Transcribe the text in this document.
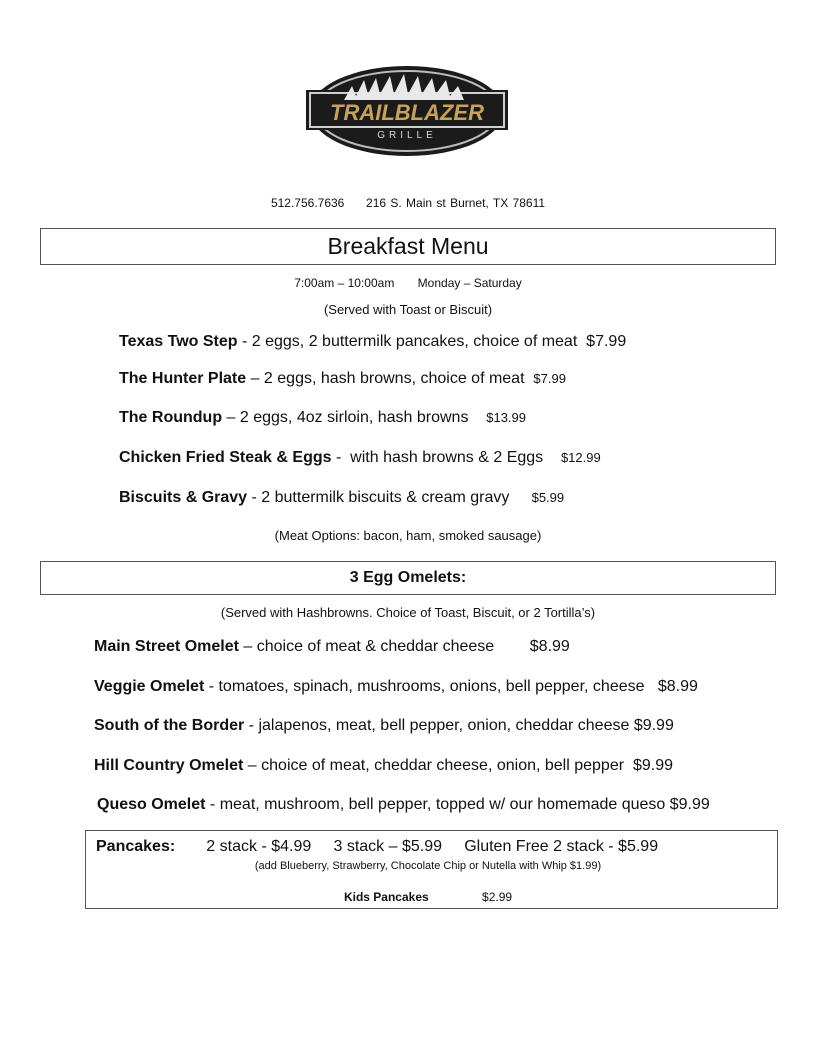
TRAILBLAZER
GRILLE
512.756.7636 216 S. Main st Burnet, TX 78611
Breakfast Menu
7:00am – 10:00am Monday – Saturday
(Served with Toast or Biscuit)
Texas Two Step - 2 eggs, 2 buttermilk pancakes, choice of meat  $7.99
The Hunter Plate – 2 eggs, hash browns, choice of meat  $7.99
The Roundup – 2 eggs, 4oz sirloin, hash browns    $13.99
Chicken Fried Steak & Eggs -  with hash browns & 2 Eggs    $12.99
Biscuits & Gravy - 2 buttermilk biscuits & cream gravy     $5.99
(Meat Options: bacon, ham, smoked sausage)
3 Egg Omelets:
(Served with Hashbrowns. Choice of Toast, Biscuit, or 2 Tortilla’s)
Main Street Omelet – choice of meat & cheddar cheese        $8.99
Veggie Omelet - tomatoes, spinach, mushrooms, onions, bell pepper, cheese   $8.99
South of the Border - jalapenos, meat, bell pepper, onion, cheddar cheese $9.99
Hill Country Omelet – choice of meat, cheddar cheese, onion, bell pepper  $9.99
Queso Omelet - meat, mushroom, bell pepper, topped w/ our homemade queso $9.99
Pancakes: 2 stack - $4.99     3 stack – $5.99     Gluten Free 2 stack - $5.99
(add Blueberry, Strawberry, Chocolate Chip or Nutella with Whip $1.99)
Kids Pancakes	$2.99
